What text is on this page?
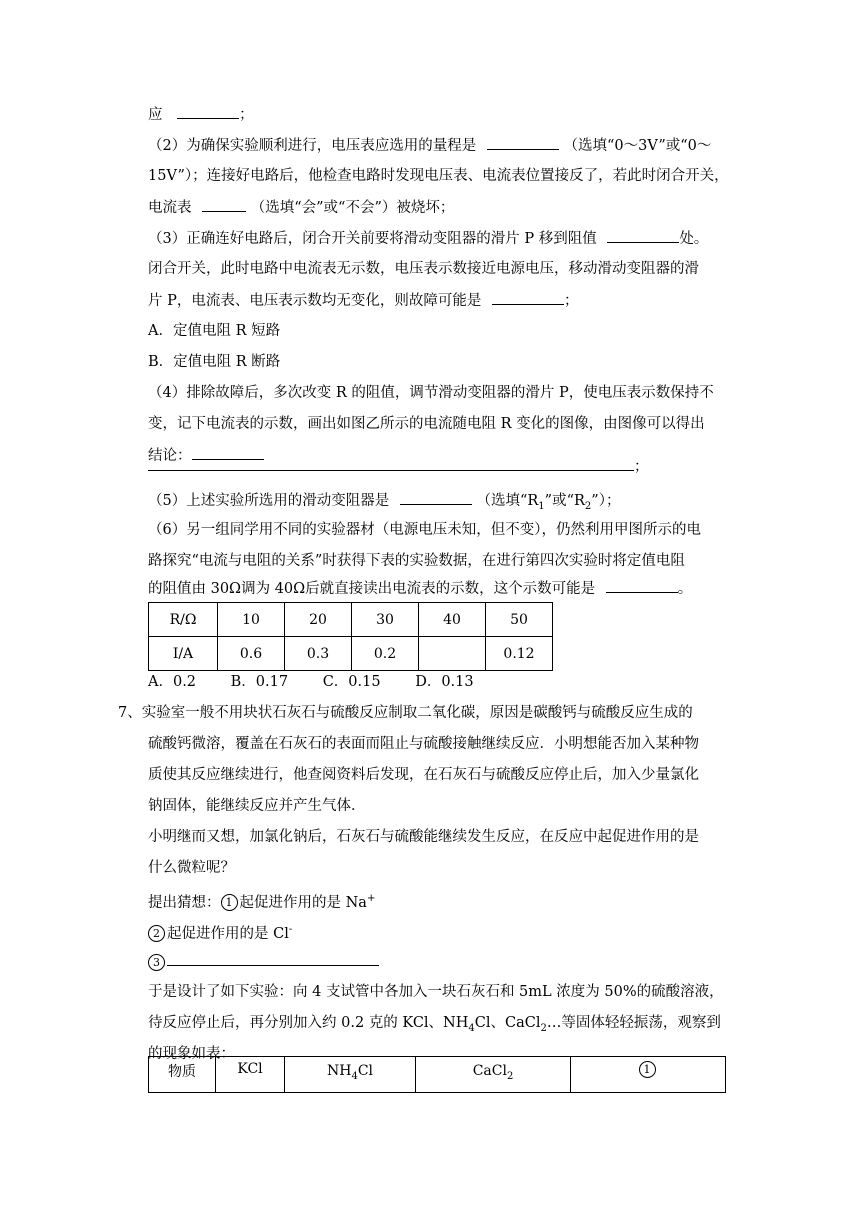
应	；
（2）为确保实验顺利进行，电压表应选用的量程是	（选填“0～3V”或“0～
15V”）；连接好电路后，他检查电路时发现电压表、电流表位置接反了，若此时闭合开关，
电流表	（选填“会”或“不会”）被烧坏；
（3）正确连好电路后，闭合开关前要将滑动变阻器的滑片 P 移到阻值	处。
闭合开关，此时电路中电流表无示数，电压表示数接近电源电压，移动滑动变阻器的滑
片 P，电流表、电压表示数均无变化，则故障可能是	；
A．定值电阻 R 短路
B．定值电阻 R 断路
（4）排除故障后，多次改变 R 的阻值，调节滑动变阻器的滑片 P，使电压表示数保持不
变，记下电流表的示数，画出如图乙所示的电流随电阻 R 变化的图像，由图像可以得出
结论：
；
（5）上述实验所选用的滑动变阻器是	（选填“$R_1$”或“$R_2$”）；
（6）另一组同学用不同的实验器材（电源电压未知，但不变），仍然利用甲图所示的电
路探究“电流与电阻的关系”时获得下表的实验数据，在进行第四次实验时将定值电阻
的阻值由 30Ω调为 40Ω后就直接读出电流表的示数，这个示数可能是	。
R/Ω	10	20	30	40	50
I/A	0.6	0.3	0.2		0.12
A．0.2 B．0.17 C．0.15 D．0.13
7、实验室一般不用块状石灰石与硫酸反应制取二氧化碳，原因是碳酸钙与硫酸反应生成的
硫酸钙微溶，覆盖在石灰石的表面而阻止与硫酸接触继续反应．小明想能否加入某种物
质使其反应继续进行，他查阅资料后发现，在石灰石与硫酸反应停止后，加入少量氯化
钠固体，能继续反应并产生气体．
小明继而又想，加氯化钠后，石灰石与硫酸能继续发生反应，在反应中起促进作用的是
什么微粒呢？
提出猜想： 1 起促进作用的是 Na+
2 起促进作用的是 Cl-
3
于是设计了如下实验：向 4 支试管中各加入一块石灰石和 5mL 浓度为 50%的硫酸溶液，
待反应停止后，再分别加入约 0.2 克的 KCl、$NH_4Cl$、CaCl$_2$…等固体轻轻振荡，观察到
的现象如表：
物质	KCl	$NH_4Cl$	CaCl$_2$	1
